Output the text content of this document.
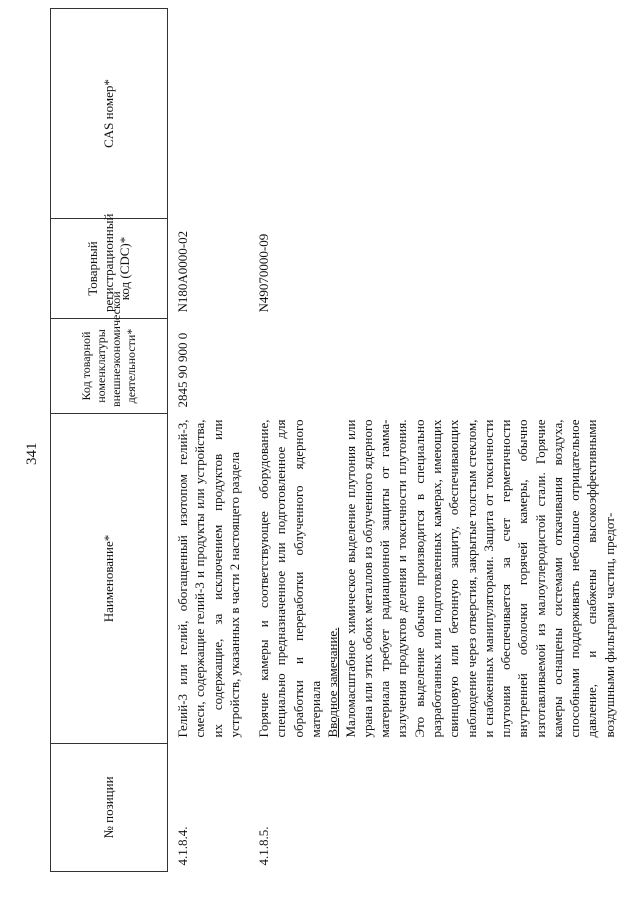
341
№ позиции	Наименование*	Код товарной номенклатуры внешнеэкономической деятельности*	Товарный регистрационный код (CDC)*	CAS номер*
4.1.8.4.	Гелий-3 или гелий, обогащенный изотопом гелий-3, смеси, содержащие гелий-3 и продукты или устройства, их содержащие, за исключением продуктов или устройств, указанных в части 2 настоящего раздела	2845 90 900 0	N180A0000-02	
4.1.8.5.	Горячие камеры и соответствующее оборудование, специально предназначенное или подготовленное для обработки и переработки облученного ядерного материала Вводное замечание. Маломасштабное химическое выделение плутония или урана или этих обоих металлов из облученного ядерного материала требует радиационной защиты от гамма-излучения продуктов деления и токсичности плутония. Это выделение обычно производится в специально разработанных или подготовленных камерах, имеющих свинцовую или бетонную защиту, обеспечивающих наблюдение через отверстия, закрытые толстым стеклом, и снабженных манипуляторами. Защита от токсичности плутония обеспечивается за счет герметичности внутренней оболочки горячей камеры, обычно изготавливаемой из малоуглеродистой стали. Горячие камеры оснащены системами откачивания воздуха, способными поддерживать небольшое отрицательное давление, и снабжены высокоэффективными воздушными фильтрами частиц, предот-		N49070000-09	
